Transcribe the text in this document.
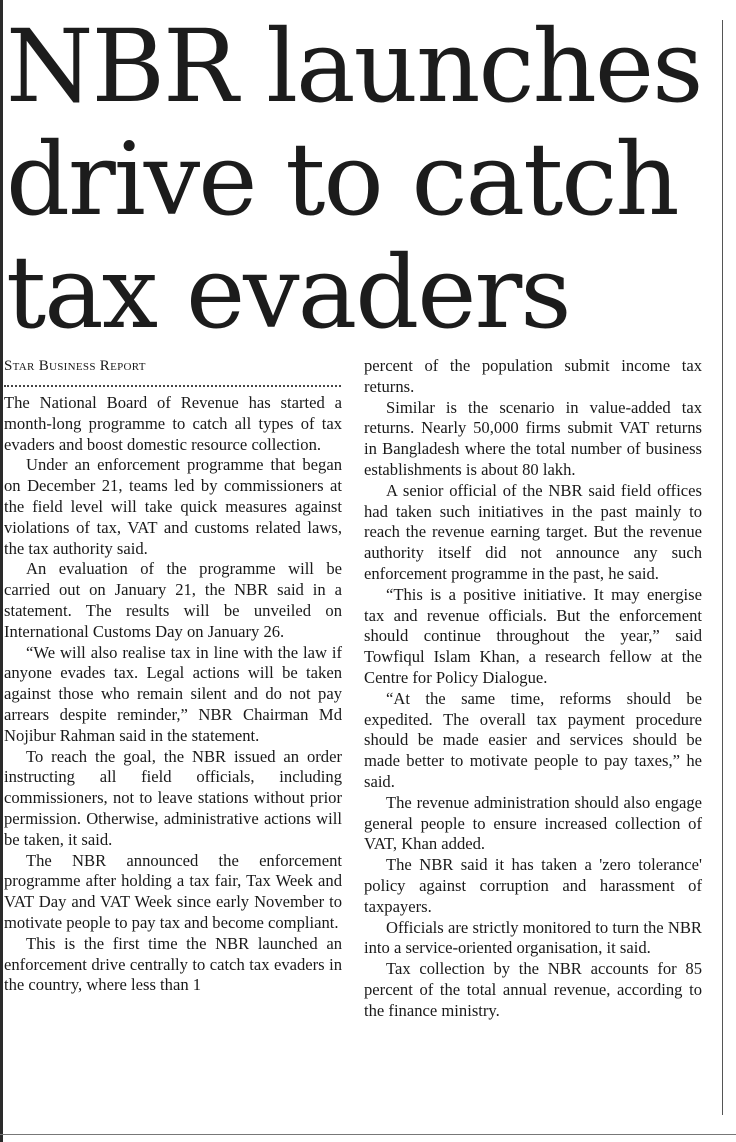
NBR launches
drive to catch
tax evaders
Star Business Report

The National Board of Revenue has started a month-long programme to catch all types of tax evaders and boost domestic resource collection.

Under an enforcement programme that began on December 21, teams led by commissioners at the field level will take quick measures against violations of tax, VAT and customs related laws, the tax authority said.

An evaluation of the programme will be carried out on January 21, the NBR said in a statement. The results will be unveiled on International Customs Day on January 26.

“We will also realise tax in line with the law if anyone evades tax. Legal actions will be taken against those who remain silent and do not pay arrears despite reminder,” NBR Chairman Md Nojibur Rahman said in the statement.

To reach the goal, the NBR issued an order instructing all field officials, including commissioners, not to leave stations without prior permission. Otherwise, administrative actions will be taken, it said.

The NBR announced the enforcement programme after holding a tax fair, Tax Week and VAT Day and VAT Week since early November to motivate people to pay tax and become compliant.

This is the first time the NBR launched an enforcement drive centrally to catch tax evaders in the country, where less than 1

percent of the population submit income tax returns.

Similar is the scenario in value-added tax returns. Nearly 50,000 firms submit VAT returns in Bangladesh where the total number of business establishments is about 80 lakh.

A senior official of the NBR said field offices had taken such initiatives in the past mainly to reach the revenue earning target. But the revenue authority itself did not announce any such enforcement programme in the past, he said.

“This is a positive initiative. It may energise tax and revenue officials. But the enforcement should continue throughout the year,” said Towfiqul Islam Khan, a research fellow at the Centre for Policy Dialogue.

“At the same time, reforms should be expedited. The overall tax payment procedure should be made easier and services should be made better to motivate people to pay taxes,” he said.

The revenue administration should also engage general people to ensure increased collection of VAT, Khan added.

The NBR said it has taken a 'zero tolerance' policy against corruption and harassment of taxpayers.

Officials are strictly monitored to turn the NBR into a service-oriented organisation, it said.

Tax collection by the NBR accounts for 85 percent of the total annual revenue, according to the finance ministry.
